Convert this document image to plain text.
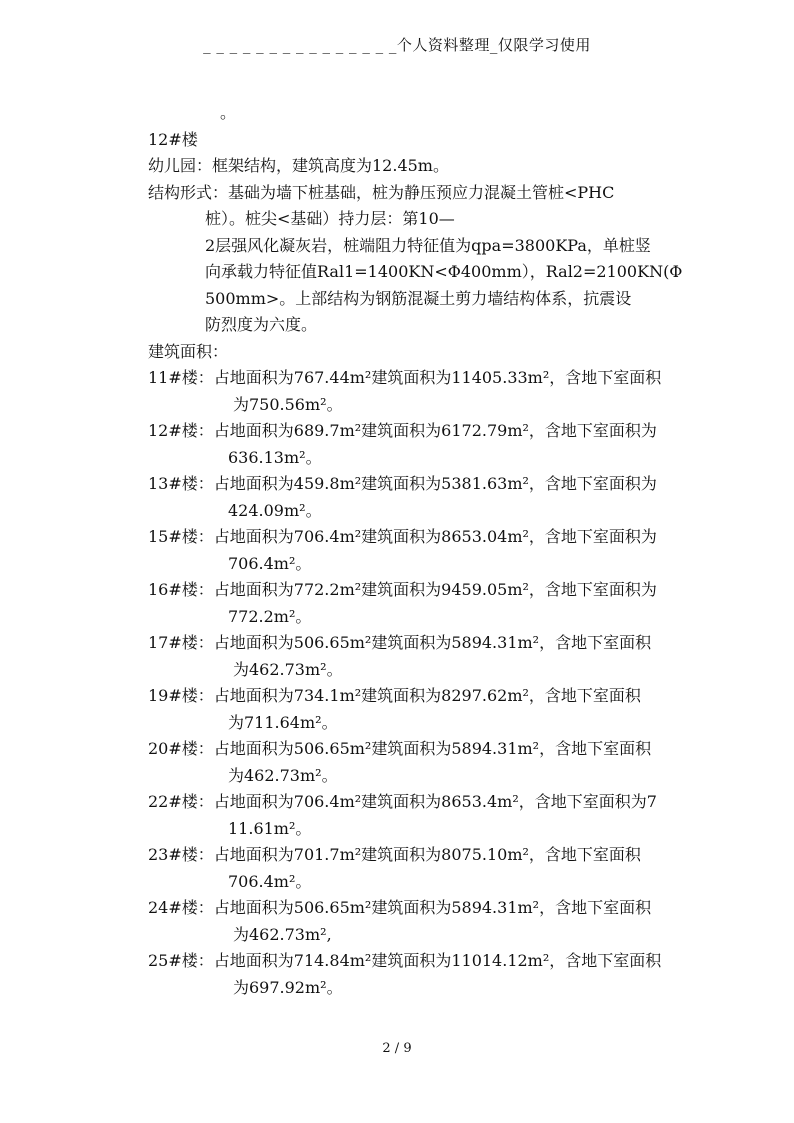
_ _ _ _ _ _ _ _ _ _ _ _ _ _ _个人资料整理_仅限学习使用
。
12#楼
幼儿园：框架结构，建筑高度为12.45m。
结构形式：基础为墙下桩基础，桩为静压预应力混凝土管桩<PHC
桩）。桩尖<基础）持力层：第10—
2层强风化凝灰岩，桩端阻力特征值为qpa=3800KPa，单桩竖
向承载力特征值Ral1=1400KN<Φ400mm），Ral2=2100KN(Φ
500mm>。上部结构为钢筋混凝土剪力墙结构体系，抗震设
防烈度为六度。
建筑面积：
11#楼：占地面积为767.44m²建筑面积为11405.33m²，含地下室面积
为750.56m²。
12#楼：占地面积为689.7m²建筑面积为6172.79m²，含地下室面积为
636.13m²。
13#楼：占地面积为459.8m²建筑面积为5381.63m²，含地下室面积为
424.09m²。
15#楼：占地面积为706.4m²建筑面积为8653.04m²，含地下室面积为
706.4m²。
16#楼：占地面积为772.2m²建筑面积为9459.05m²，含地下室面积为
772.2m²。
17#楼：占地面积为506.65m²建筑面积为5894.31m²，含地下室面积
为462.73m²。
19#楼：占地面积为734.1m²建筑面积为8297.62m²，含地下室面积
为711.64m²。
20#楼：占地面积为506.65m²建筑面积为5894.31m²，含地下室面积
为462.73m²。
22#楼：占地面积为706.4m²建筑面积为8653.4m²，含地下室面积为7
11.61m²。
23#楼：占地面积为701.7m²建筑面积为8075.10m²，含地下室面积
706.4m²。
24#楼：占地面积为506.65m²建筑面积为5894.31m²，含地下室面积
为462.73m²,
25#楼：占地面积为714.84m²建筑面积为11014.12m²，含地下室面积
为697.92m²。
2 / 9
